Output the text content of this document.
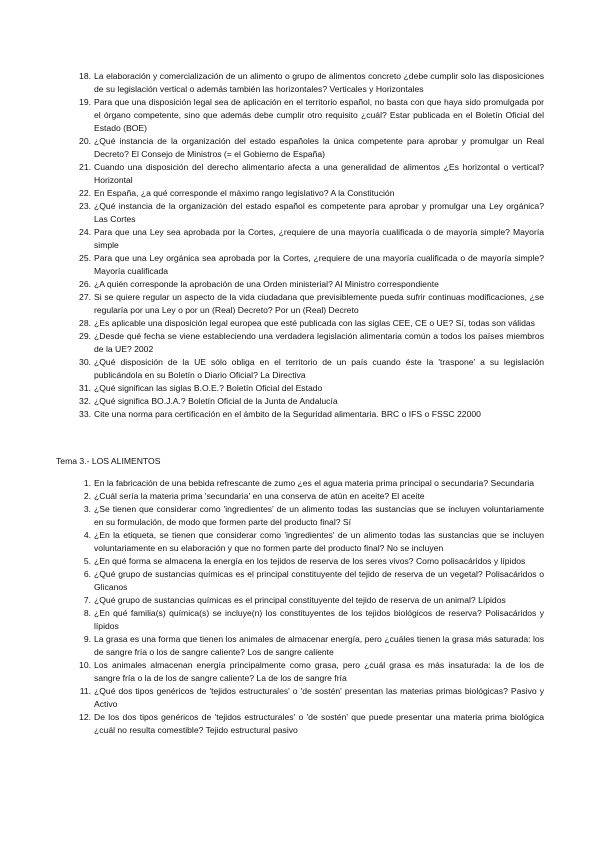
18. La elaboración y comercialización de un alimento o grupo de alimentos concreto ¿debe cumplir solo las disposiciones de su legislación vertical o además también las horizontales? Verticales y Horizontales
19. Para que una disposición legal sea de aplicación en el territorio español, no basta con que haya sido promulgada por el órgano competente, sino que además debe cumplir otro requisito ¿cuál? Estar publicada en el Boletín Oficial del Estado (BOE)
20. ¿Qué instancia de la organización del estado españoles la única competente para aprobar y promulgar un Real Decreto? El Consejo de Ministros (= el Gobierno de España)
21. Cuando una disposición del derecho alimentario afecta a una generalidad de alimentos ¿Es horizontal o vertical? Horizontal
22. En España, ¿a qué corresponde el máximo rango legislativo? A la Constitución
23. ¿Qué instancia de la organización del estado español es competente para aprobar y promulgar una Ley orgánica? Las Cortes
24. Para que una Ley sea aprobada por la Cortes, ¿requiere de una mayoría cualificada o de mayoría simple? Mayoría simple
25. Para que una Ley orgánica sea aprobada por la Cortes, ¿requiere de una mayoría cualificada o de mayoría simple? Mayoría cualificada
26. ¿A quién corresponde la aprobación de una Orden ministerial? Al Ministro correspondiente
27. Si se quiere regular un aspecto de la vida ciudadana que previsiblemente pueda sufrir continuas modificaciones, ¿se regularía por una Ley o por un (Real) Decreto? Por un (Real) Decreto
28. ¿Es aplicable una disposición legal europea que esté publicada con las siglas CEE, CE o UE? Sí, todas son válidas
29. ¿Desde qué fecha se viene estableciendo una verdadera legislación alimentaria común a todos los países miembros de la UE? 2002
30. ¿Qué disposición de la UE sólo obliga en el territorio de un país cuando éste la 'traspone' a su legislación publicándola en su Boletín o Diario Oficial? La Directiva
31. ¿Qué significan las siglas B.O.E.? Boletín Oficial del Estado
32. ¿Qué significa BO.J.A.? Boletín Oficial de la Junta de Andalucía
33. Cite una norma para certificación en el ámbito de la Seguridad alimentaria. BRC o IFS o FSSC 22000
Tema 3.- LOS ALIMENTOS
1. En la fabricación de una bebida refrescante de zumo ¿es el agua materia prima principal o secundaria? Secundaria
2. ¿Cuál sería la materia prima 'secundaria' en una conserva de atún en aceite? El aceite
3. ¿Se tienen que considerar como 'ingredientes' de un alimento todas las sustancias que se incluyen voluntariamente en su formulación, de modo que formen parte del producto final? Sí
4. ¿En la etiqueta, se tienen que considerar como 'ingredientes' de un alimento todas las sustancias que se incluyen voluntariamente en su elaboración y que no formen parte del producto final? No se incluyen
5. ¿En qué forma se almacena la energía en los tejidos de reserva de los seres vivos? Como polisacáridos y lípidos
6. ¿Qué grupo de sustancias químicas es el principal constituyente del tejido de reserva de un vegetal? Polisacáridos o Glicanos
7. ¿Qué grupo de sustancias químicas es el principal constituyente del tejido de reserva de un animal? Lípidos
8. ¿En qué familia(s) química(s) se incluye(n) los constituyentes de los tejidos biológicos de reserva? Polisacáridos y lípidos
9. La grasa es una forma que tienen los animales de almacenar energía, pero ¿cuáles tienen la grasa más saturada: los de sangre fría o los de sangre caliente? Los de sangre caliente
10. Los animales almacenan energía principalmente como grasa, pero ¿cuál grasa es más insaturada: la de los de sangre fría o la de los de sangre caliente? La de los de sangre fría
11. ¿Qué dos tipos genéricos de 'tejidos estructurales' o 'de sostén' presentan las materias primas biológicas? Pasivo y Activo
12. De los dos tipos genéricos de 'tejidos estructurales' o 'de sostén' que puede presentar una materia prima biológica ¿cuál no resulta comestible? Tejido estructural pasivo
